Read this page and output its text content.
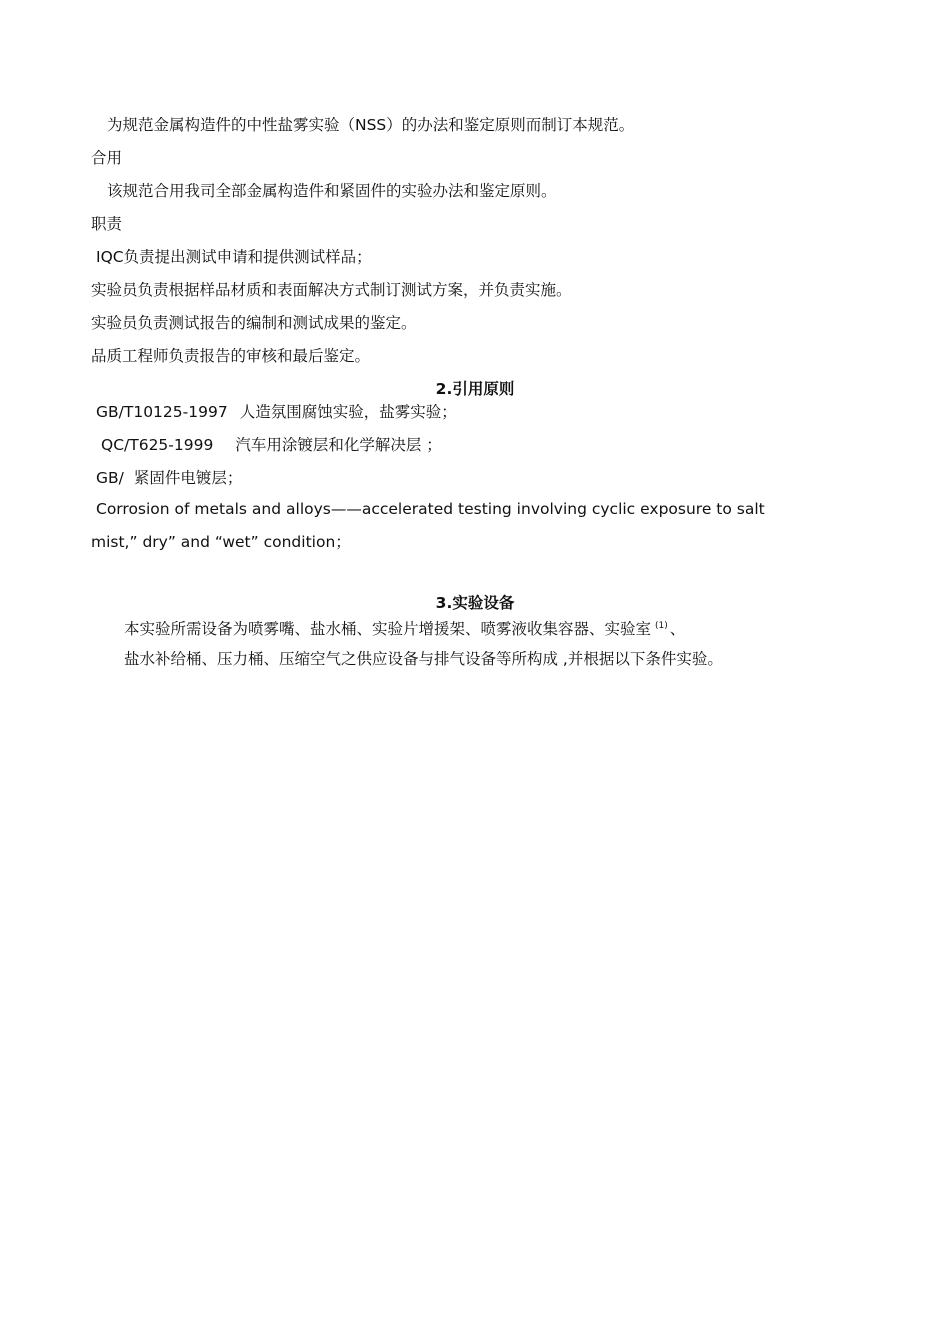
为规范金属构造件的中性盐雾实验（NSS）的办法和鉴定原则而制订本规范。
合用
该规范合用我司全部金属构造件和紧固件的实验办法和鉴定原则。
职责
IQC负责提出测试申请和提供测试样品；
实验员负责根据样品材质和表面解决方式制订测试方案，并负责实施。
实验员负责测试报告的编制和测试成果的鉴定。
品质工程师负责报告的审核和最后鉴定。
2.引用原则
GB/T10125-1997 人造氛围腐蚀实验，盐雾实验；
QC/T625-1999 汽车用涂镀层和化学解决层 ；
GB/ 紧固件电镀层；
Corrosion of metals and alloys——accelerated testing involving cyclic exposure to salt
mist,” dry” and “wet” condition；
3.实验设备
本实验所需设备为喷雾嘴、盐水桶、实验片增援架、喷雾液收集容器、实验室 $^{(1)}$ 、
盐水补给桶、压力桶、压缩空气之供应设备与排气设备等所构成 ,并根据以下条件实验。
